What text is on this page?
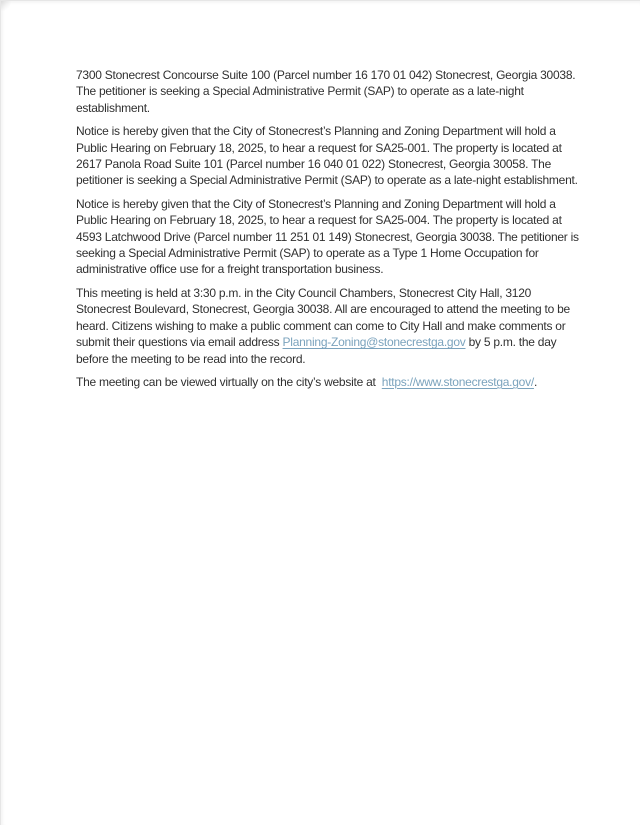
7300 Stonecrest Concourse Suite 100 (Parcel number 16 170 01 042) Stonecrest, Georgia 30038.
The petitioner is seeking a Special Administrative Permit (SAP) to operate as a late-night
establishment.
Notice is hereby given that the City of Stonecrest’s Planning and Zoning Department will hold a
Public Hearing on February 18, 2025, to hear a request for SA25-001. The property is located at
2617 Panola Road Suite 101 (Parcel number 16 040 01 022) Stonecrest, Georgia 30058. The
petitioner is seeking a Special Administrative Permit (SAP) to operate as a late-night establishment.
Notice is hereby given that the City of Stonecrest’s Planning and Zoning Department will hold a
Public Hearing on February 18, 2025, to hear a request for SA25-004. The property is located at
4593 Latchwood Drive (Parcel number 11 251 01 149) Stonecrest, Georgia 30038. The petitioner is
seeking a Special Administrative Permit (SAP) to operate as a Type 1 Home Occupation for
administrative office use for a freight transportation business.
This meeting is held at 3:30 p.m. in the City Council Chambers, Stonecrest City Hall, 3120
Stonecrest Boulevard, Stonecrest, Georgia 30038. All are encouraged to attend the meeting to be
heard. Citizens wishing to make a public comment can come to City Hall and make comments or
submit their questions via email address Planning-Zoning@stonecrestga.gov by 5 p.m. the day
before the meeting to be read into the record.
The meeting can be viewed virtually on the city’s website at  https://www.stonecrestga.gov/.
